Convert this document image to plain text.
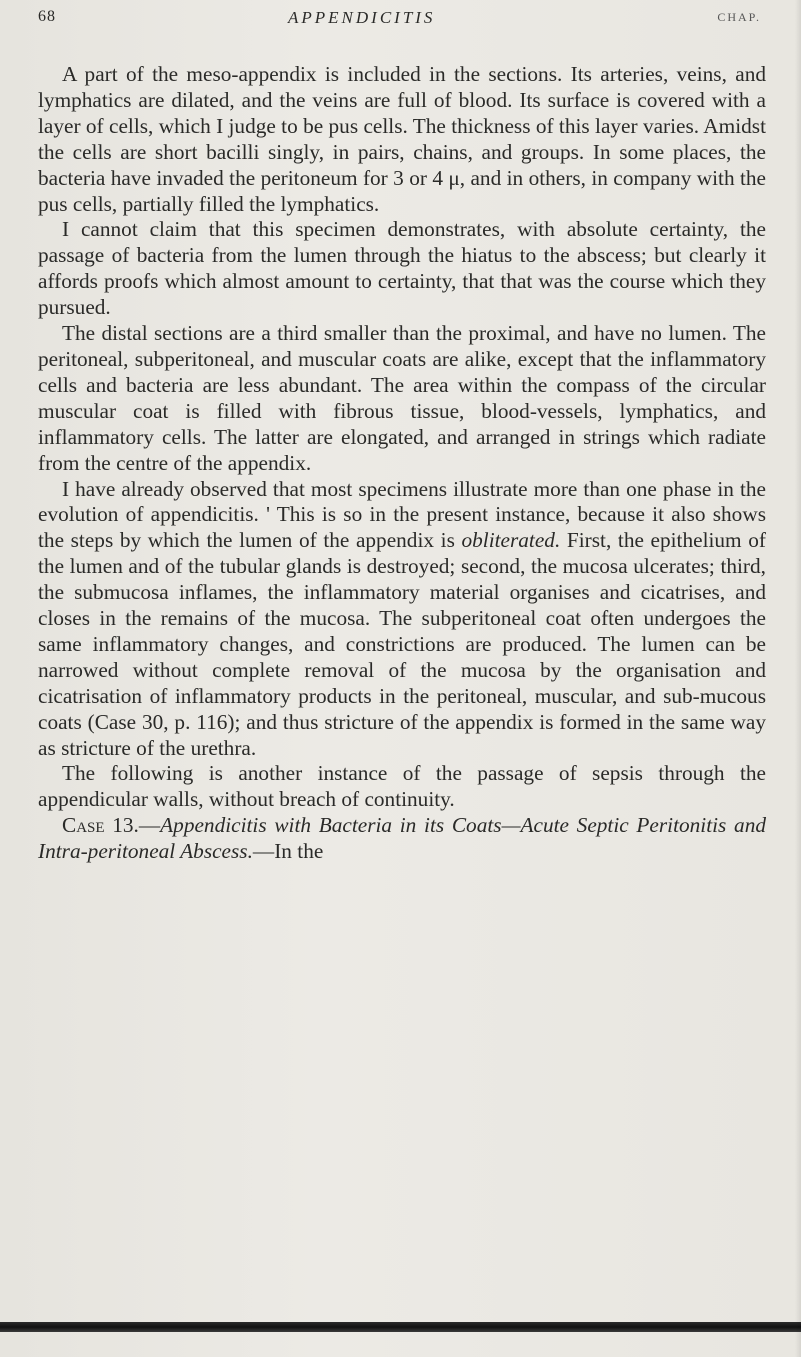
68	APPENDICITIS	CHAP.

A part of the meso-appendix is included in the sections. Its arteries, veins, and lymphatics are dilated, and the veins are full of blood. Its surface is covered with a layer of cells, which I judge to be pus cells. The thickness of this layer varies. Amidst the cells are short bacilli singly, in pairs, chains, and groups. In some places, the bacteria have invaded the peritoneum for 3 or 4 μ, and in others, in company with the pus cells, partially filled the lymphatics.

I cannot claim that this specimen demonstrates, with absolute certainty, the passage of bacteria from the lumen through the hiatus to the abscess; but clearly it affords proofs which almost amount to certainty, that that was the course which they pursued.

The distal sections are a third smaller than the proximal, and have no lumen. The peritoneal, subperitoneal, and muscular coats are alike, except that the inflammatory cells and bacteria are less abundant. The area within the compass of the circular muscular coat is filled with fibrous tissue, blood-vessels, lymphatics, and inflammatory cells. The latter are elongated, and arranged in strings which radiate from the centre of the appendix.

I have already observed that most specimens illustrate more than one phase in the evolution of appendicitis. ' This is so in the present instance, because it also shows the steps by which the lumen of the appendix is obliterated. First, the epithelium of the lumen and of the tubular glands is destroyed; second, the mucosa ulcerates; third, the submucosa inflames, the inflammatory material organises and cicatrises, and closes in the remains of the mucosa. The subperitoneal coat often undergoes the same inflammatory changes, and constrictions are produced. The lumen can be narrowed without complete removal of the mucosa by the organisation and cicatrisation of inflammatory products in the peritoneal, muscular, and sub-mucous coats (Case 30, p. 116); and thus stricture of the appendix is formed in the same way as stricture of the urethra.

The following is another instance of the passage of sepsis through the appendicular walls, without breach of continuity.

Case 13.—Appendicitis with Bacteria in its Coats—Acute Septic Peritonitis and Intra-peritoneal Abscess.—In the
